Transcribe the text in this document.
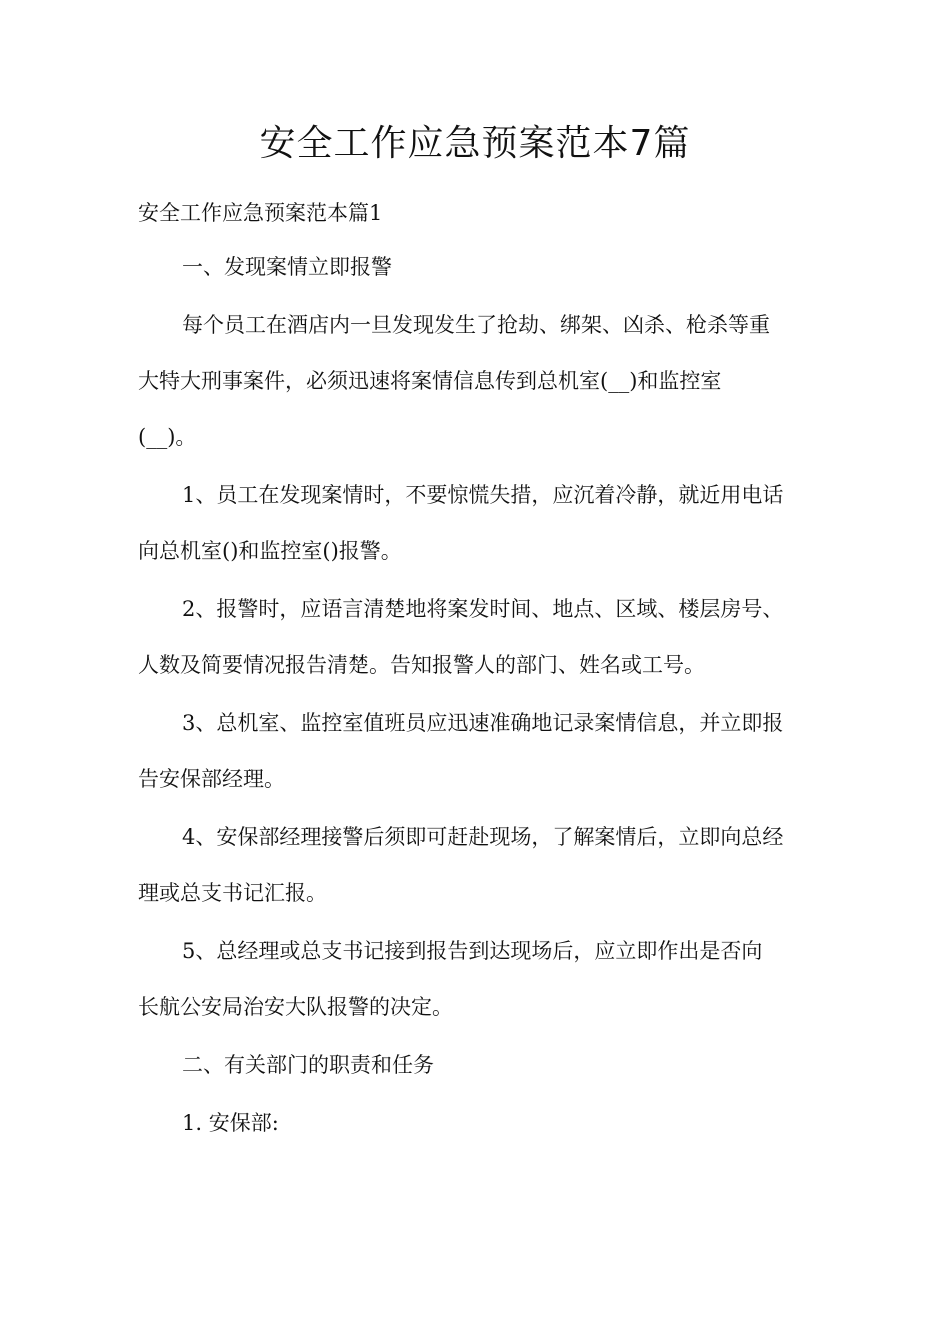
安全工作应急预案范本7篇

安全工作应急预案范本篇1

一、发现案情立即报警

每个员工在酒店内一旦发现发生了抢劫、绑架、凶杀、枪杀等重

大特大刑事案件，必须迅速将案情信息传到总机室(__)和监控室

(__)。

1、员工在发现案情时，不要惊慌失措，应沉着冷静，就近用电话

向总机室()和监控室()报警。

2、报警时，应语言清楚地将案发时间、地点、区域、楼层房号、

人数及简要情况报告清楚。告知报警人的部门、姓名或工号。

3、总机室、监控室值班员应迅速准确地记录案情信息，并立即报

告安保部经理。

4、安保部经理接警后须即可赶赴现场，了解案情后，立即向总经

理或总支书记汇报。

5、总经理或总支书记接到报告到达现场后，应立即作出是否向

长航公安局治安大队报警的决定。

二、有关部门的职责和任务

1. 安保部:
